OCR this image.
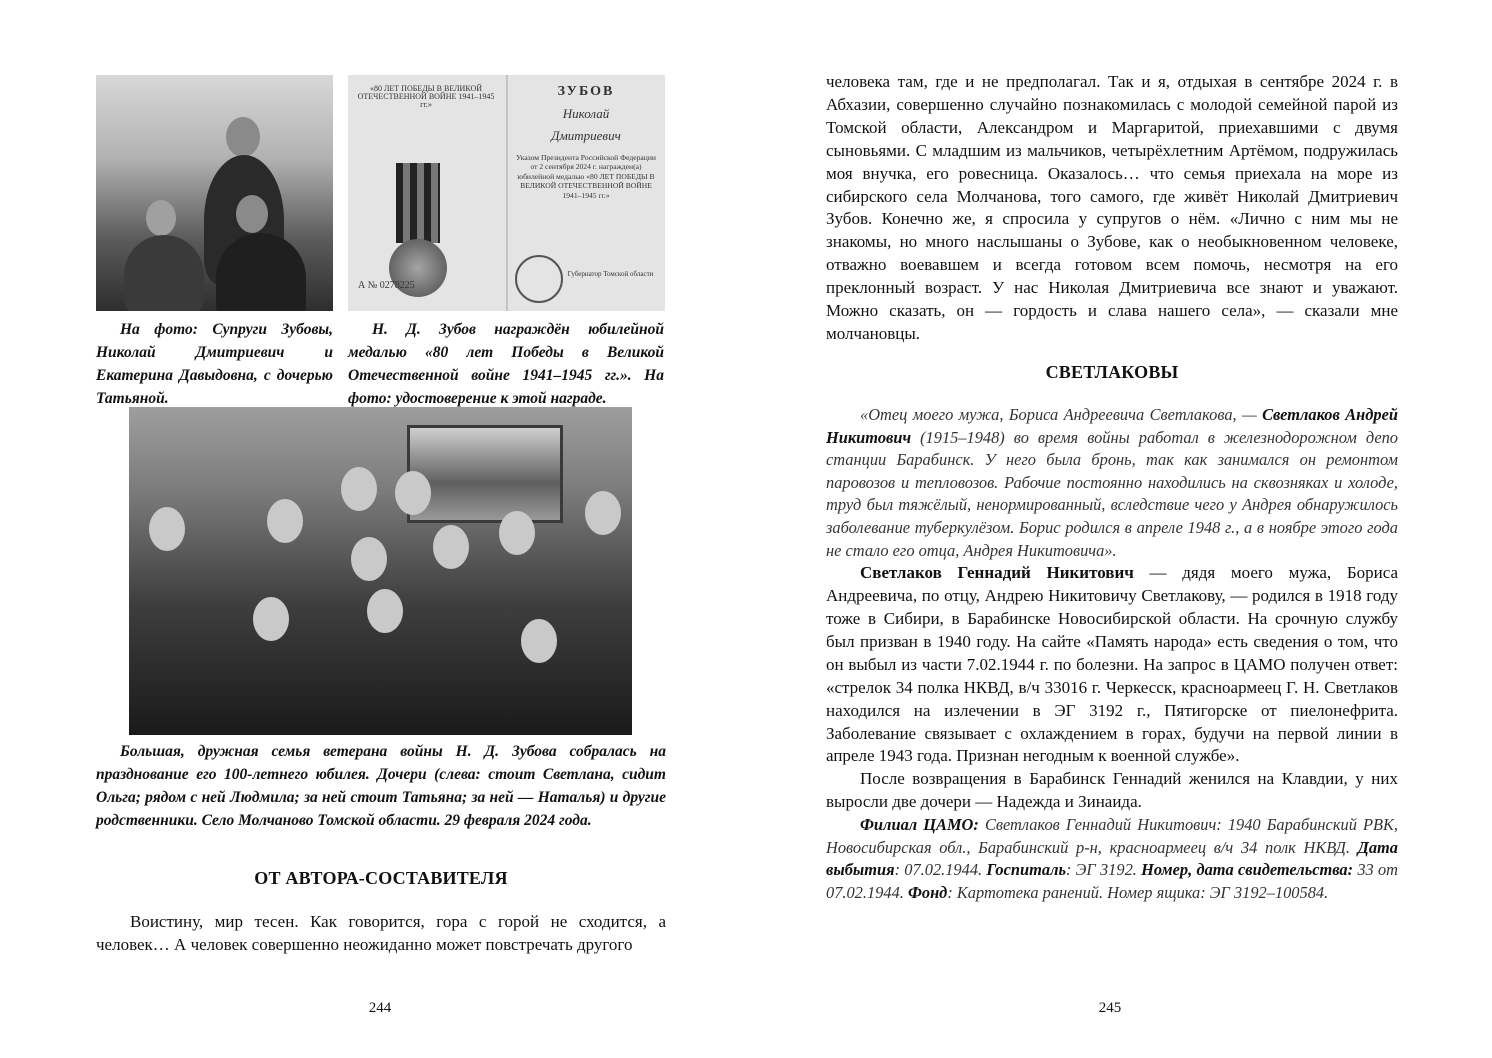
«80 ЛЕТ ПОБЕДЫ В ВЕЛИКОЙ ОТЕЧЕСТВЕННОЙ ВОЙНЕ 1941–1945 гг.»
А № 0278225
ЗУБОВ
Николай
Дмитриевич
Указом Президента Российской Федерации от 2 сентября 2024 г. награжден(а) юбилейной медалью «80 ЛЕТ ПОБЕДЫ В ВЕЛИКОЙ ОТЕЧЕСТВЕННОЙ ВОЙНЕ 1941–1945 гг.»
Губернатор Томской области

На фото: Супруги Зубовы, Николай Дмитриевич и Екатерина Давыдовна, с дочерью Татьяной.

Н. Д. Зубов награждён юбилейной медалью «80 лет Победы в Великой Отечественной войне 1941–1945 гг.». На фото: удостоверение к этой награде.

Большая, дружная семья ветерана войны Н. Д. Зубова собралась на празднование его 100-летнего юбилея. Дочери (слева: стоит Светлана, сидит Ольга; рядом с ней Людмила; за ней стоит Татьяна; за ней — Наталья) и другие родственники. Село Молчаново Томской области. 29 февраля 2024 года.

ОТ АВТОРА-СОСТАВИТЕЛЯ

Воистину, мир тесен. Как говорится, гора с горой не сходится, а человек… А человек совершенно неожиданно может повстречать другого

244

человека там, где и не предполагал. Так и я, отдыхая в сентябре 2024 г. в Абхазии, совершенно случайно познакомилась с молодой семейной парой из Томской области, Александром и Маргаритой, приехавшими с двумя сыновьями. С младшим из мальчиков, четырёхлетним Артёмом, подружилась моя внучка, его ровесница. Оказалось… что семья приехала на море из сибирского села Молчанова, того самого, где живёт Николай Дмитриевич Зубов. Конечно же, я спросила у супругов о нём. «Лично с ним мы не знакомы, но много наслышаны о Зубове, как о необыкновенном человеке, отважно воевавшем и всегда готовом всем помочь, несмотря на его преклонный возраст. У нас Николая Дмитриевича все знают и уважают. Можно сказать, он — гордость и слава нашего села», — сказали мне молчановцы.

СВЕТЛАКОВЫ

«Отец моего мужа, Бориса Андреевича Светлакова, — Светлаков Андрей Никитович (1915–1948) во время войны работал в железнодорожном депо станции Барабинск. У него была бронь, так как занимался он ремонтом паровозов и тепловозов. Рабочие постоянно находились на сквозняках и холоде, труд был тяжёлый, ненормированный, вследствие чего у Андрея обнаружилось заболевание туберкулёзом. Борис родился в апреле 1948 г., а в ноябре этого года не стало его отца, Андрея Никитовича».

Светлаков Геннадий Никитович — дядя моего мужа, Бориса Андреевича, по отцу, Андрею Никитовичу Светлакову, — родился в 1918 году тоже в Сибири, в Барабинске Новосибирской области. На срочную службу был призван в 1940 году. На сайте «Память народа» есть сведения о том, что он выбыл из части 7.02.1944 г. по болезни. На запрос в ЦАМО получен ответ: «стрелок 34 полка НКВД, в/ч 33016 г. Черкесск, красноармеец Г. Н. Светлаков находился на излечении в ЭГ 3192 г., Пятигорске от пиелонефрита. Заболевание связывает с охлаждением в горах, будучи на первой линии в апреле 1943 года. Признан негодным к военной службе».

После возвращения в Барабинск Геннадий женился на Клавдии, у них выросли две дочери — Надежда и Зинаида.

Филиал ЦАМО: Светлаков Геннадий Никитович: 1940 Барабинский РВК, Новосибирская обл., Барабинский р-н, красноармеец в/ч 34 полк НКВД. Дата выбытия: 07.02.1944. Госпиталь: ЭГ 3192. Номер, дата свидетельства: 33 от 07.02.1944. Фонд: Картотека ранений. Номер ящика: ЭГ 3192–100584.

245
